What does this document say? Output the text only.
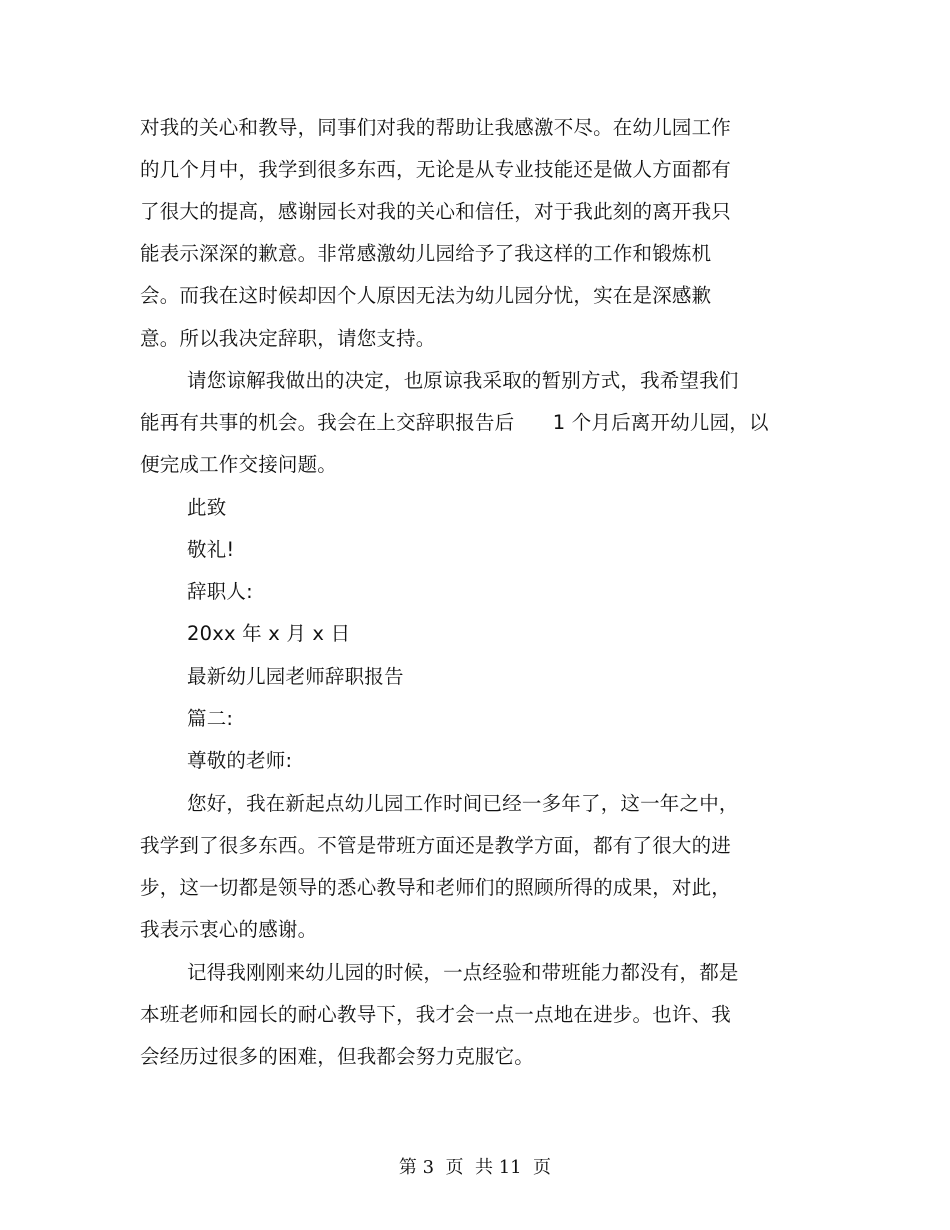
对我的关心和教导，同事们对我的帮助让我感激不尽。在幼儿园工作
的几个月中，我学到很多东西，无论是从专业技能还是做人方面都有
了很大的提高，感谢园长对我的关心和信任，对于我此刻的离开我只
能表示深深的歉意。非常感激幼儿园给予了我这样的工作和锻炼机
会。而我在这时候却因个人原因无法为幼儿园分忧，实在是深感歉
意。所以我决定辞职，请您支持。
请您谅解我做出的决定，也原谅我采取的暂别方式，我希望我们
能再有共事的机会。我会在上交辞职报告后      1 个月后离开幼儿园，以
便完成工作交接问题。
此致
敬礼!
辞职人:
20xx 年 x 月 x 日
最新幼儿园老师辞职报告
篇二:
尊敬的老师:
您好，我在新起点幼儿园工作时间已经一多年了，这一年之中，
我学到了很多东西。不管是带班方面还是教学方面，都有了很大的进
步，这一切都是领导的悉心教导和老师们的照顾所得的成果，对此，
我表示衷心的感谢。
记得我刚刚来幼儿园的时候，一点经验和带班能力都没有，都是
本班老师和园长的耐心教导下，我才会一点一点地在进步。也许、我
会经历过很多的困难，但我都会努力克服它。
第 3  页  共 11  页
